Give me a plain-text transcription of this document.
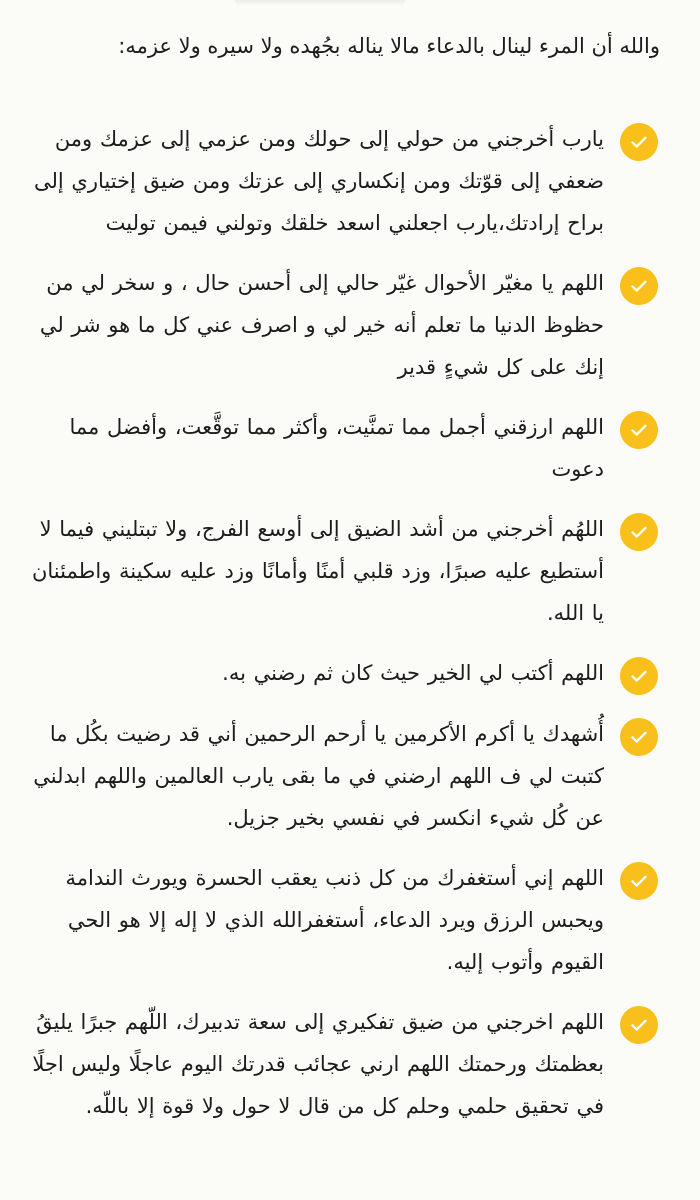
والله أن المرء لينال بالدعاء مالا يناله بجُهده ولا سيره ولا عزمه:
يارب أخرجني من حولي إلى حولك ومن عزمي إلى عزمك ومن ضعفي إلى قوّتك ومن إنكساري إلى عزتك ومن ضيق إختياري إلى براح إرادتك،يارب اجعلني اسعد خلقك وتولني فيمن توليت
اللهم يا مغيّر الأحوال غيّر حالي إلى أحسن حال ، و سخر لي من حظوظ الدنيا ما تعلم أنه خير لي و اصرف عني كل ما هو شر لي إنك على كل شيءٍ قدير
اللهم ارزقني أجمل مما تمنَّيت، وأكثر مما توقَّعت، وأفضل مما دعوت
اللهُم أخرجني من أشد الضيق إلى أوسع الفرج، ولا تبتليني فيما لا أستطيع عليه صبرًا، وزد قلبي أمنًا وأمانًا وزد عليه سكينة واطمئنان يا الله.
اللهم أكتب لي الخير حيث كان ثم رضني به.
أُشهدك يا أكرم الأكرمين يا أرحم الرحمين أني قد رضيت بكُل ما كتبت لي ف اللهم ارضني في ما بقى يارب العالمين واللهم ابدلني عن كُل شيء انكسر في نفسي بخير جزيل.
اللهم إني أستغفرك من كل ذنب يعقب الحسرة ويورث الندامة ويحبس الرزق ويرد الدعاء، أستغفرالله الذي لا إله إلا هو الحي القيوم وأتوب إليه.
اللهم اخرجني من ضيق تفكيري إلى سعة تدبيرك، اللّهم جبرًا يليقُ بعظمتك ورحمتك اللهم ارني عجائب قدرتك اليوم عاجلًا وليس اجلًا في تحقيق حلمي وحلم كل من قال لا حول ولا قوة إلا باللّه.
